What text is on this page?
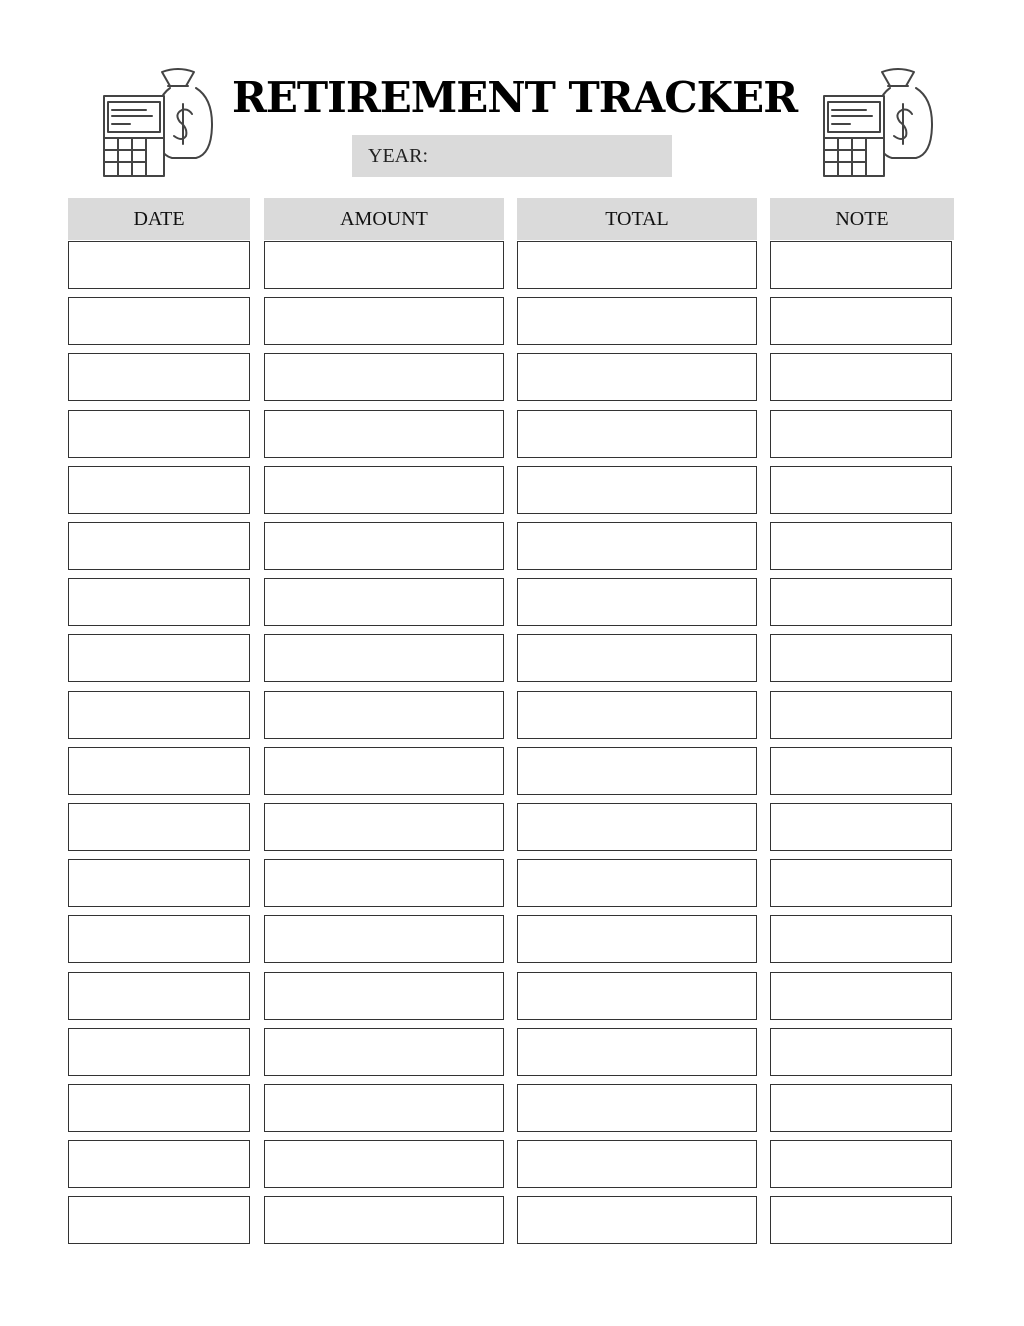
RETIREMENT TRACKER
YEAR:
DATE	AMOUNT	TOTAL	NOTE
